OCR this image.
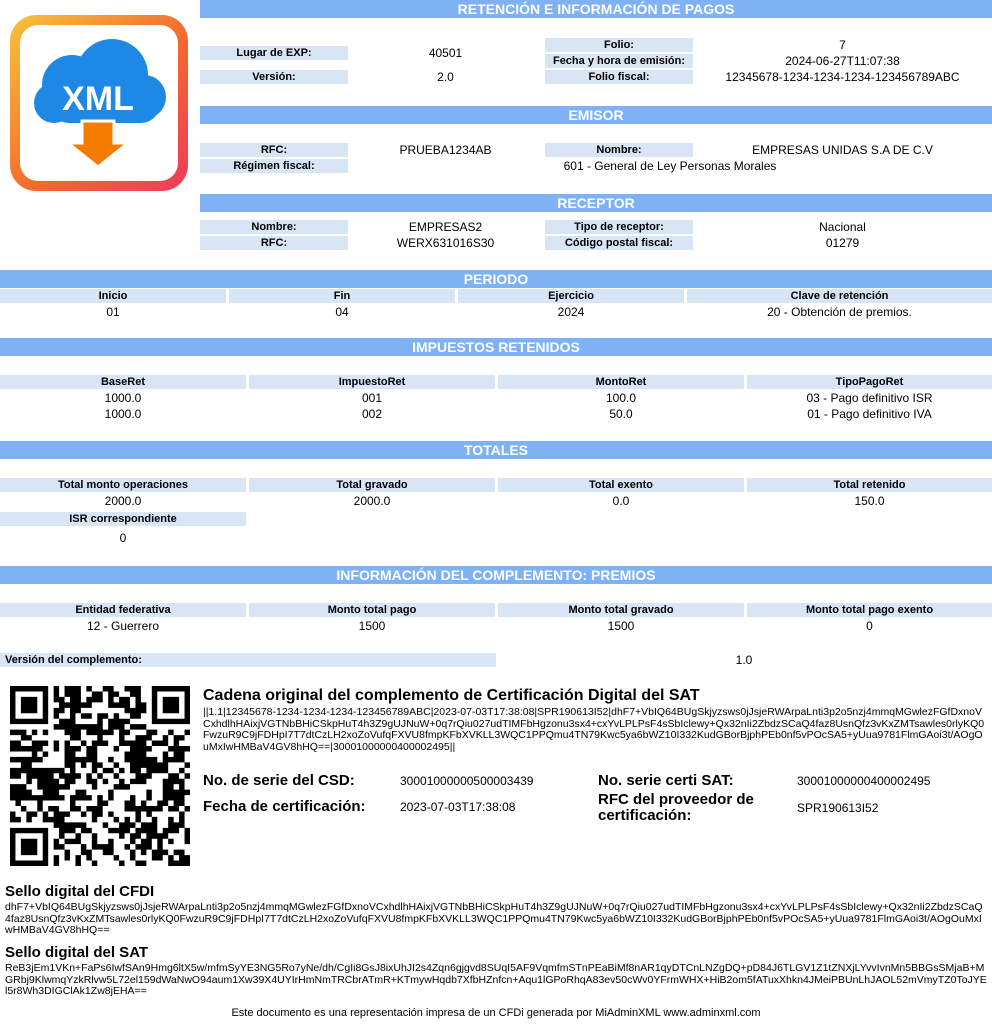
XML
RETENCIÓN E INFORMACIÓN DE PAGOS
Lugar de EXP:	40501
Versión:	2.0
Folio:	7
Fecha y hora de emisión:	2024-06-27T11:07:38
Folio fiscal:	12345678-1234-1234-1234-123456789ABC
EMISOR
RFC:	PRUEBA1234AB
Régimen fiscal:	601 - General de Ley Personas Morales
Nombre:	EMPRESAS UNIDAS S.A DE C.V
RECEPTOR
Nombre:	EMPRESAS2
RFC:	WERX631016S30
Tipo de receptor:	Nacional
Código postal fiscal:	01279
PERIODO
Inicio	Fin	Ejercicio	Clave de retención
01	04	2024	20 - Obtención de premios.
IMPUESTOS RETENIDOS
BaseRet	ImpuestoRet	MontoRet	TipoPagoRet
1000.0	001	100.0	03 - Pago definitivo ISR
1000.0	002	50.0	01 - Pago definitivo IVA
TOTALES
Total monto operaciones	Total gravado	Total exento	Total retenido
2000.0	2000.0	0.0	150.0
ISR correspondiente
0
INFORMACIÓN DEL COMPLEMENTO: PREMIOS
Entidad federativa	Monto total pago	Monto total gravado	Monto total pago exento
12 - Guerrero	1500	1500	0
Versión del complemento:	1.0
Cadena original del complemento de Certificación Digital del SAT
||1.1|12345678-1234-1234-1234-123456789ABC|2023-07-03T17:38:08|SPR190613I52|dhF7+VbIQ64BUgSkjyzsws0jJsjeRWArpaLnti3p2o5nzj4mmqMGwlezFGfDxnoVCxhdlhHAixjVGTNbBHiCSkpHuT4h3Z9gUJNuW+0q7rQiu027udTIMFbHgzonu3sx4+cxYvLPLPsF4sSbIclewy+Qx32nIi2ZbdzSCaQ4faz8UsnQfz3vKxZMTsawles0rlyKQ0FwzuR9C9jFDHpI7T7dtCzLH2xoZoVufqFXVU8fmpKFbXVKLL3WQC1PPQmu4TN79Kwc5ya6bWZ10I332KudGBorBjphPEb0nf5vPOcSA5+yUua9781FlmGAoi3t/AOgOuMxIwHMBaV4GV8hHQ==|30001000000400002495||
No. de serie del CSD:	30001000000500003439
Fecha de certificación:	2023-07-03T17:38:08
No. serie certi SAT:	30001000000400002495
RFC del proveedor de certificación:	SPR190613I52
Sello digital del CFDI
dhF7+VbIQ64BUgSkjyzsws0jJsjeRWArpaLnti3p2o5nzj4mmqMGwlezFGfDxnoVCxhdlhHAixjVGTNbBHiCSkpHuT4h3Z9gUJNuW+0q7rQiu027udTIMFbHgzonu3sx4+cxYvLPLPsF4sSbIclewy+Qx32nIi2ZbdzSCaQ4faz8UsnQfz3vKxZMTsawles0rlyKQ0FwzuR9C9jFDHpI7T7dtCzLH2xoZoVufqFXVU8fmpKFbXVKLL3WQC1PPQmu4TN79Kwc5ya6bWZ10I332KudGBorBjphPEb0nf5vPOcSA5+yUua9781FlmGAoi3t/AOgOuMxIwHMBaV4GV8hHQ==
Sello digital del SAT
ReB3jEm1VKn+FaPs6IwfSAn9Hmg6ltX5w/mfmSyYE3NG5Ro7yNe/dh/CgIi8GsJ8ixUhJI2s4Zqn6gjgvd8SUqI5AF9VqmfmSTnPEaBiMf8nAR1qyDTCnLNZgDQ+pD84J6TLGV1Z1tZNXjLYvvIvnMn5BBGsSMjaB+MGRbj9KlwmqYzkRlvw5L72el159dWaNwO94aum1Xw39X4UYIrHmNmTRCbrATmR+KTmywHqdb7XfbHZnfcn+Aqu1lGPoRhqA83ev50cWv0YFrmWHX+HiB2om5fATuxXhkn4JMeiPBUnLhJAOL52mVmyTZ0ToJYEl5r8Wh3DIGClAk1Zw8jEHA==
Este documento es una representación impresa de un CFDi generada por MiAdminXML www.adminxml.com
